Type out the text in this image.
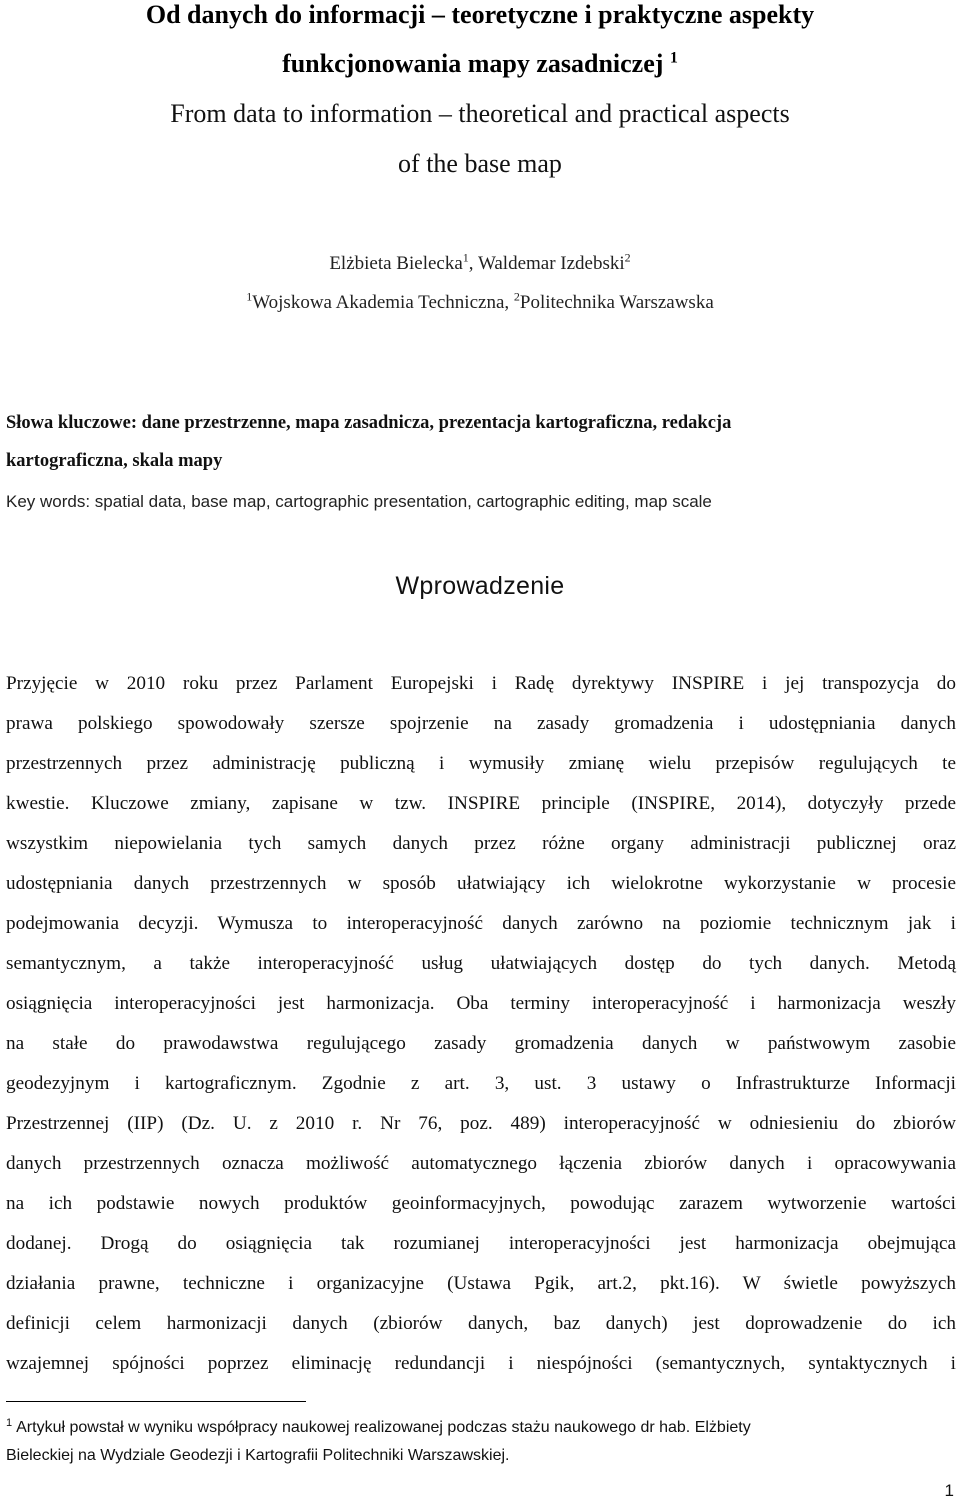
Od danych do informacji – teoretyczne i praktyczne aspekty
funkcjonowania mapy zasadniczej $^1$
From data to information – theoretical and practical aspects
of the base map
Elżbieta Bielecka$^1$, Waldemar Izdebski$^2$
$^1$Wojskowa Akademia Techniczna, $^2$Politechnika Warszawska
Słowa kluczowe: dane przestrzenne, mapa zasadnicza, prezentacja kartograficzna, redakcja
kartograficzna, skala mapy
Key words: spatial data, base map, cartographic presentation, cartographic editing, map scale
Wprowadzenie
Przyjęcie w 2010 roku przez Parlament Europejski i Radę dyrektywy INSPIRE i jej transpozycja do
prawa polskiego spowodowały szersze spojrzenie na zasady gromadzenia i udostępniania danych
przestrzennych przez administrację publiczną i wymusiły zmianę wielu przepisów regulujących te
kwestie. Kluczowe zmiany, zapisane w tzw. INSPIRE principle (INSPIRE, 2014), dotyczyły przede
wszystkim niepowielania tych samych danych przez różne organy administracji publicznej oraz
udostępniania danych przestrzennych w sposób ułatwiający ich wielokrotne wykorzystanie w procesie
podejmowania decyzji. Wymusza to interoperacyjność danych zarówno na poziomie technicznym jak i
semantycznym, a także interoperacyjność usług ułatwiających dostęp do tych danych. Metodą
osiągnięcia interoperacyjności jest harmonizacja. Oba terminy interoperacyjność i harmonizacja weszły
na stałe do prawodawstwa regulującego zasady gromadzenia danych w państwowym zasobie
geodezyjnym i kartograficznym. Zgodnie z art. 3, ust. 3 ustawy o Infrastrukturze Informacji
Przestrzennej (IIP) (Dz. U. z 2010 r. Nr 76, poz. 489) interoperacyjność w odniesieniu do zbiorów
danych przestrzennych oznacza możliwość automatycznego łączenia zbiorów danych i opracowywania
na ich podstawie nowych produktów geoinformacyjnych, powodując zarazem wytworzenie wartości
dodanej. Drogą do osiągnięcia tak rozumianej interoperacyjności jest harmonizacja obejmująca
działania prawne, techniczne i organizacyjne (Ustawa Pgik, art.2, pkt.16). W świetle powyższych
definicji celem harmonizacji danych (zbiorów danych, baz danych) jest doprowadzenie do ich
wzajemnej spójności poprzez eliminację redundancji i niespójności (semantycznych, syntaktycznych i
$^1$ Artykuł powstał w wyniku współpracy naukowej realizowanej podczas stażu naukowego dr hab. Elżbiety
Bieleckiej na Wydziale Geodezji i Kartografii Politechniki Warszawskiej.
1
